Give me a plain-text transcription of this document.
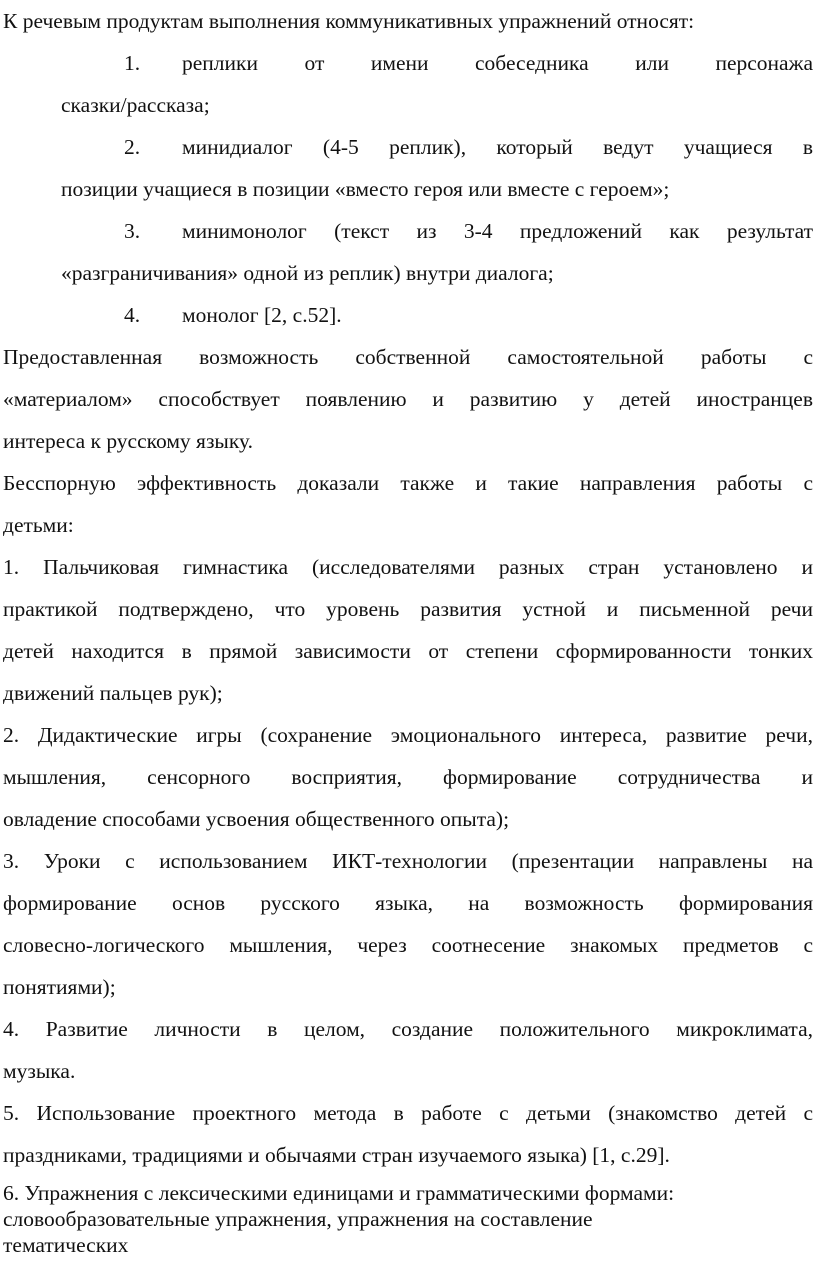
К речевым продуктам выполнения коммуникативных упражнений относят:
1. реплики от имени собеседника или персонажа
сказки/рассказа;
2. минидиалог (4-5 реплик), который ведут учащиеся в
позиции учащиеся в позиции «вместо героя или вместе с героем»;
3. минимонолог (текст из 3-4 предложений как результат
«разграничивания» одной из реплик) внутри диалога;
4. монолог [2, с.52].
Предоставленная возможность собственной самостоятельной работы с
«материалом» способствует появлению и развитию у детей иностранцев
интереса к русскому языку.
Бесспорную эффективность доказали также и такие направления работы с
детьми:
1. Пальчиковая гимнастика (исследователями разных стран установлено и
практикой подтверждено, что уровень развития устной и письменной речи
детей находится в прямой зависимости от степени сформированности тонких
движений пальцев рук);
2. Дидактические игры (сохранение эмоционального интереса, развитие речи,
мышления, сенсорного восприятия, формирование сотрудничества и
овладение способами усвоения общественного опыта);
3. Уроки с использованием ИКТ-технологии (презентации направлены на
формирование основ русского языка, на возможность формирования
словесно-логического мышления, через соотнесение знакомых предметов с
понятиями);
4. Развитие личности в целом, создание положительного микроклимата,
музыка.
5. Использование проектного метода в работе с детьми (знакомство детей с
праздниками, традициями и обычаями стран изучаемого языка) [1, с.29].
6. Упражнения с лексическими единицами и грамматическими формами:
словообразовательные упражнения, упражнения на составление
тематических
